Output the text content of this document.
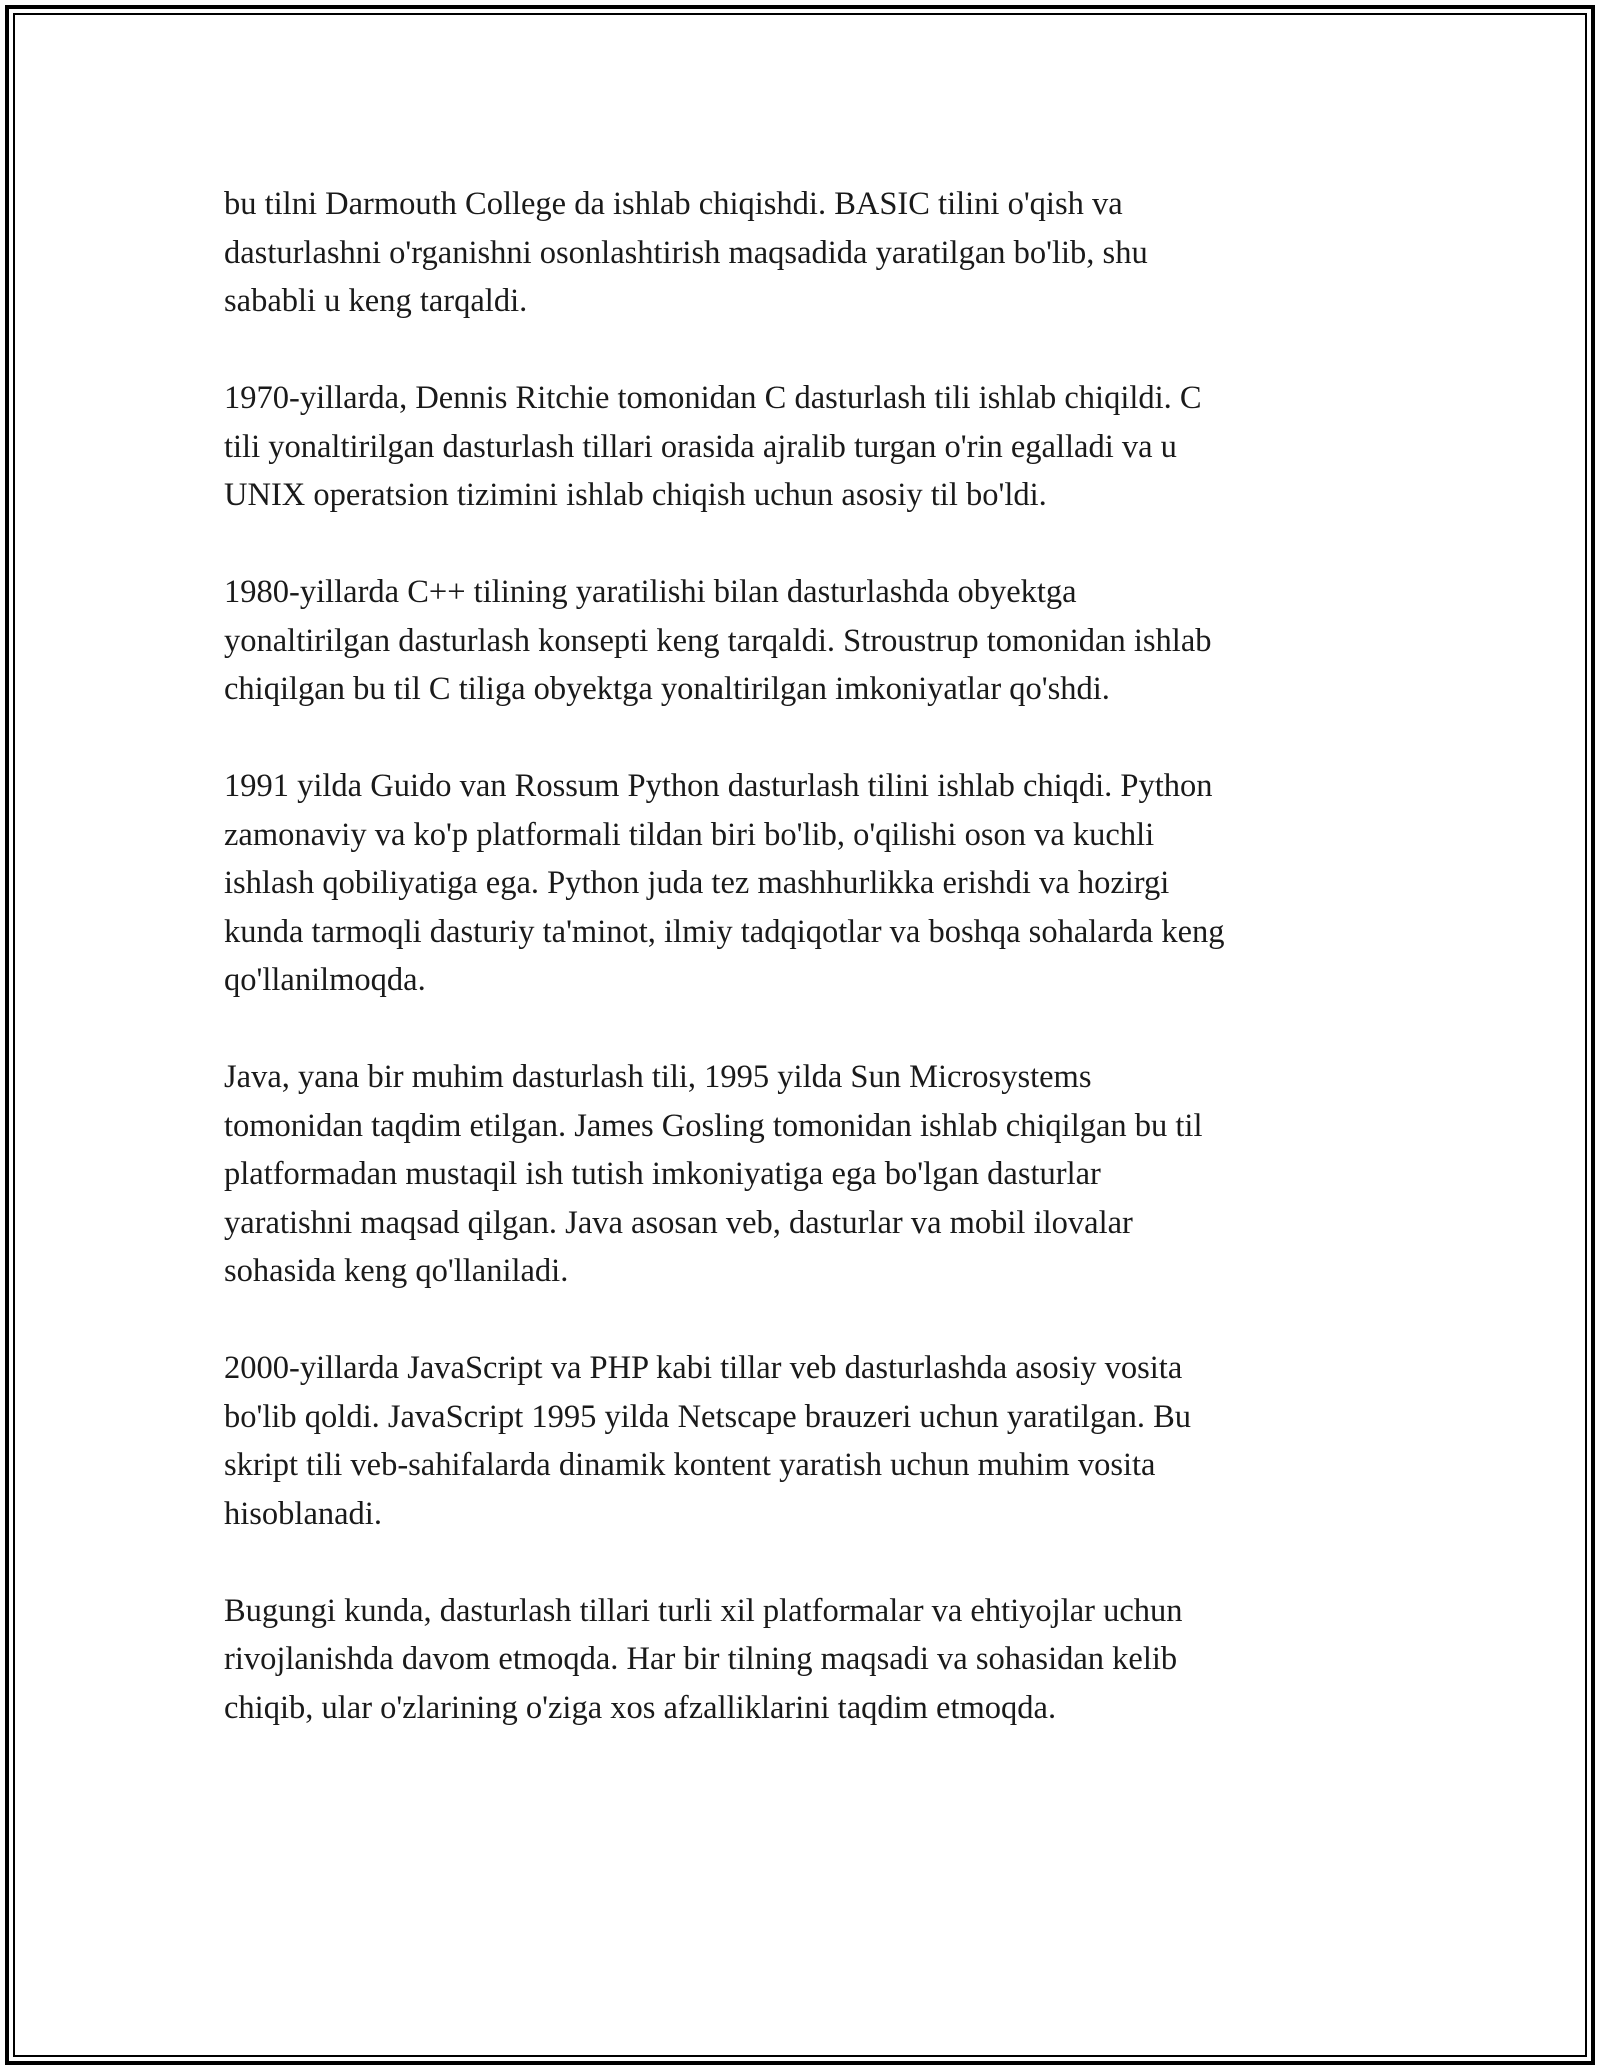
bu tilni Darmouth College da ishlab chiqishdi. BASIC tilini o'qish va
dasturlashni o'rganishni osonlashtirish maqsadida yaratilgan bo'lib, shu
sababli u keng tarqaldi.

1970-yillarda, Dennis Ritchie tomonidan C dasturlash tili ishlab chiqildi. C
tili yonaltirilgan dasturlash tillari orasida ajralib turgan o'rin egalladi va u
UNIX operatsion tizimini ishlab chiqish uchun asosiy til bo'ldi.

1980-yillarda C++ tilining yaratilishi bilan dasturlashda obyektga
yonaltirilgan dasturlash konsepti keng tarqaldi. Stroustrup tomonidan ishlab
chiqilgan bu til C tiliga obyektga yonaltirilgan imkoniyatlar qo'shdi.

1991 yilda Guido van Rossum Python dasturlash tilini ishlab chiqdi. Python
zamonaviy va ko'p platformali tildan biri bo'lib, o'qilishi oson va kuchli
ishlash qobiliyatiga ega. Python juda tez mashhurlikka erishdi va hozirgi
kunda tarmoqli dasturiy ta'minot, ilmiy tadqiqotlar va boshqa sohalarda keng
qo'llanilmoqda.

Java, yana bir muhim dasturlash tili, 1995 yilda Sun Microsystems
tomonidan taqdim etilgan. James Gosling tomonidan ishlab chiqilgan bu til
platformadan mustaqil ish tutish imkoniyatiga ega bo'lgan dasturlar
yaratishni maqsad qilgan. Java asosan veb, dasturlar va mobil ilovalar
sohasida keng qo'llaniladi.

2000-yillarda JavaScript va PHP kabi tillar veb dasturlashda asosiy vosita
bo'lib qoldi. JavaScript 1995 yilda Netscape brauzeri uchun yaratilgan. Bu
skript tili veb-sahifalarda dinamik kontent yaratish uchun muhim vosita
hisoblanadi.

Bugungi kunda, dasturlash tillari turli xil platformalar va ehtiyojlar uchun
rivojlanishda davom etmoqda. Har bir tilning maqsadi va sohasidan kelib
chiqib, ular o'zlarining o'ziga xos afzalliklarini taqdim etmoqda.
